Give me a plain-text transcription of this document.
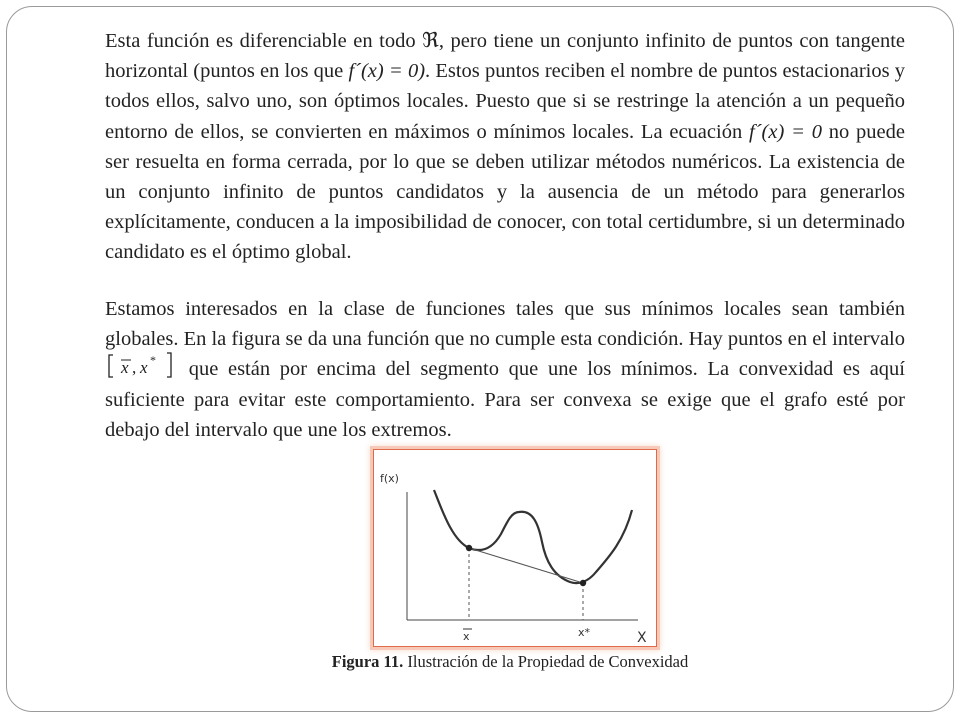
Esta función es diferenciable en todo ℜ, pero tiene un conjunto infinito de puntos con tangente horizontal (puntos en los que f´(x) = 0). Estos puntos reciben el nombre de puntos estacionarios y todos ellos, salvo uno, son óptimos locales. Puesto que si se restringe la atención a un pequeño entorno de ellos, se convierten en máximos o mínimos locales. La ecuación f´(x) = 0 no puede ser resuelta en forma cerrada, por lo que se deben utilizar métodos numéricos. La existencia de un conjunto infinito de puntos candidatos y la ausencia de un método para generarlos explícitamente, conducen a la imposibilidad de conocer, con total certidumbre, si un determinado candidato es el óptimo global.

Estamos interesados en la clase de funciones tales que sus mínimos locales sean también globales. En la figura se da una función que no cumple esta condición. Hay puntos en el intervalo
x , x * que están por encima del segmento que une los mínimos. La convexidad es aquí suficiente para evitar este comportamiento. Para ser convexa se exige que el grafo esté por debajo del intervalo que une los extremos.

f(x)
x	x*	X
Figura 11. Ilustración de la Propiedad de Convexidad
